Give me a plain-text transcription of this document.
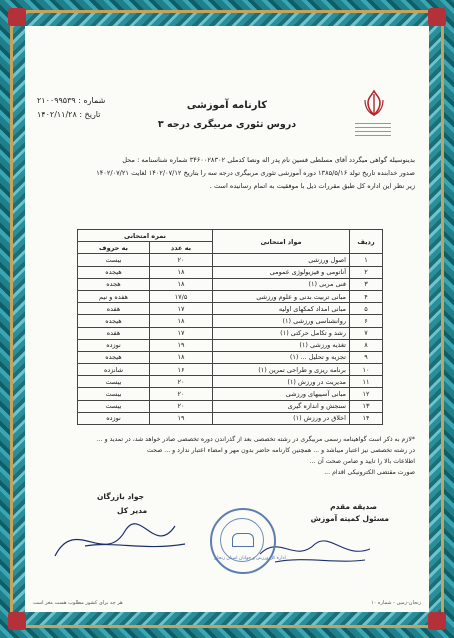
شماره : ۲۱۰۰۹۹۵۳۹
تاریخ : ۱۴۰۲/۱۱/۲۸
کارنامه آموزشی
دروس تئوری مربیگری درجه ۳
بدینوسیله گواهی میگردد آقای مسلطی فسین نام پدر اله ونصا کدملی ۳۴۶۰۰۲۸۳۰۲ شماره شناسنامه : محل
صدور خدابنده تاریخ تولد ۱۳۸۵/۵/۱۶ دوره آموزشی تئوری مربیگری درجه سه را بتاریخ ۱۴۰۲/۰۷/۱۲ لغایت ۱۴۰۲/۰۷/۲۱
زیر نظر این اداره کل طبق مقررات ذیل با موفقیت به اتمام رسانیده است .
ردیف	مواد امتحانی	نمره امتحانی	
		به عدد	به حروف
۱	اصول ورزشی	۲۰	بیست
۲	آناتومی و فیزیولوژی عمومی	۱۸	هیجده
۳	فنی مربی (۱)	۱۸	هجده
۴	مبانی تربیت بدنی و علوم ورزشی	۱۷/۵	هفده و نیم
۵	مبانی امداد کمکهای اولیه	۱۷	هفده
۶	روانشناسی ورزشی (۱)	۱۸	هیجده
۷	رشد و تکامل حرکتی (۱)	۱۷	هفده
۸	تغذیه ورزشی (۱)	۱۹	نوزده
۹	تجزیه و تحلیل ... (۱)	۱۸	هیجده
۱۰	برنامه ریزی و طراحی تمرین (۱)	۱۶	شانزده
۱۱	مدیریت در ورزش (۱)	۲۰	بیست
۱۲	مبانی آسیبهای ورزشی	۲۰	بیست
۱۳	سنجش و اندازه گیری	۲۰	بیست
۱۴	اخلاق در ورزش (۱)	۱۹	نوزده
*لازم به ذکر است گواهینامه رسمی مربیگری در رشته تخصصی بعد از گذراندن دوره تخصصی صادر خواهد شد، در تمدید و ...
در رشته تخصصی نیز اعتبار میباشد و ... همچنین کارنامه حاضر بدون مهر و امضاء اعتبار ندارد و ... صحت
اطلاعات بالا را تایید و ضامن صحت آن ...
صورت مقتضی الکترونیکی اقدام ...
صدیقه مقدم
مسئول کمیته آموزش
جواد بازرگان
مدیر کل
اداره کل ورزش و جوانان استان زنجان
زنجان-زمین - شماره ۱۰
هر چه برای کشور مطلوب هست مغز است
